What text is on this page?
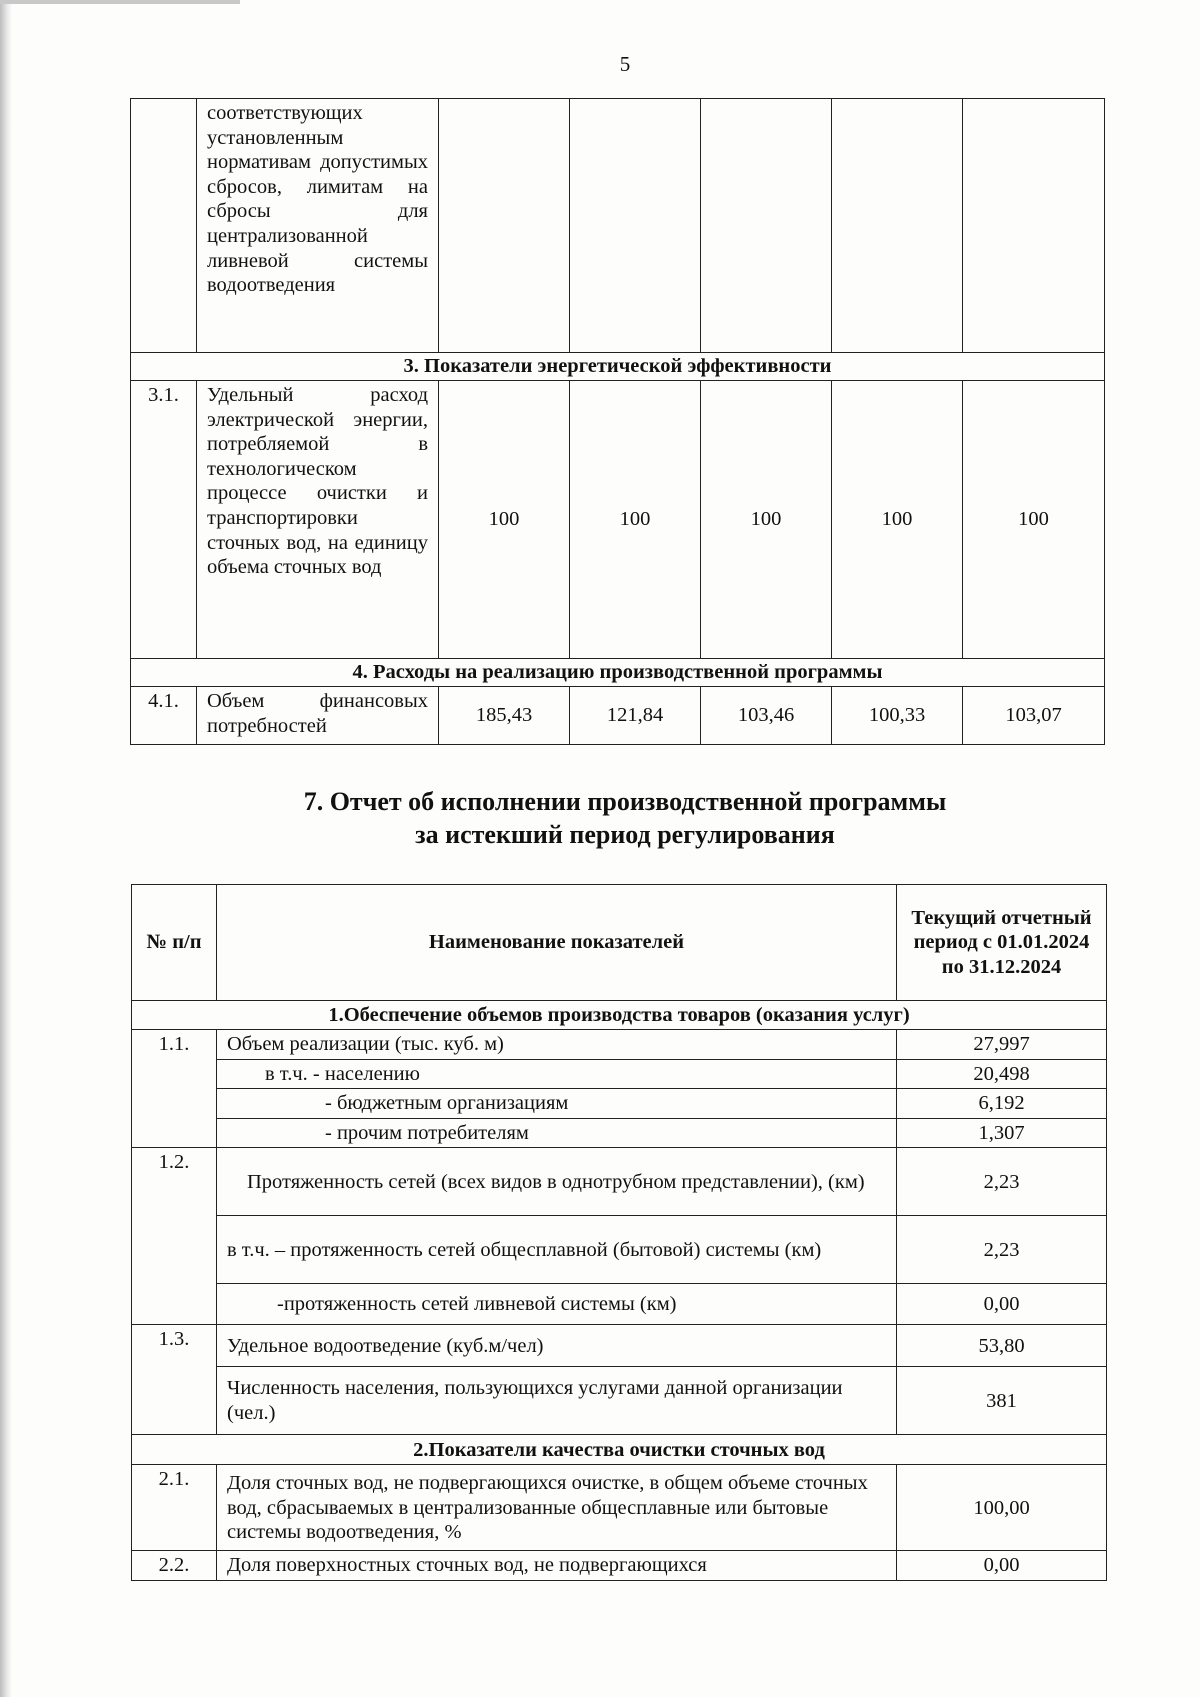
5
	соответствующих установленным нормативам допустимых сбросов, лимитам на сбросы для централизованной ливневой системы водоотведения					
3. Показатели энергетической эффективности						
3.1.	Удельный расход электрической энергии, потребляемой в технологическом процессе очистки и транспортировки сточных вод, на единицу объема сточных вод	100	100	100	100	100
4. Расходы на реализацию производственной программы						
4.1.	Объем финансовых потребностей	185,43	121,84	103,46	100,33	103,07
7. Отчет об исполнении производственной программы
за истекший период регулирования
№ п/п	Наименование показателей	Текущий отчетный период с 01.01.2024 по 31.12.2024
1.Обеспечение объемов производства товаров (оказания услуг)		
1.1.	Объем реализации (тыс. куб. м)	27,997
	в т.ч. - населению	20,498
	- бюджетным организациям	6,192
	- прочим потребителям	1,307
1.2.	Протяженность сетей (всех видов в однотрубном представлении), (км)	2,23
	в т.ч. – протяженность сетей общесплавной (бытовой) системы (км)	2,23
	-протяженность сетей ливневой системы (км)	0,00
1.3.	Удельное водоотведение (куб.м/чел)	53,80
	Численность населения, пользующихся услугами данной организации (чел.)	381
2.Показатели качества очистки сточных вод		
2.1.	Доля сточных вод, не подвергающихся очистке, в общем объеме сточных вод, сбрасываемых в централизованные общесплавные или бытовые системы водоотведения, %	100,00
2.2.	Доля поверхностных сточных вод, не подвергающихся	0,00
